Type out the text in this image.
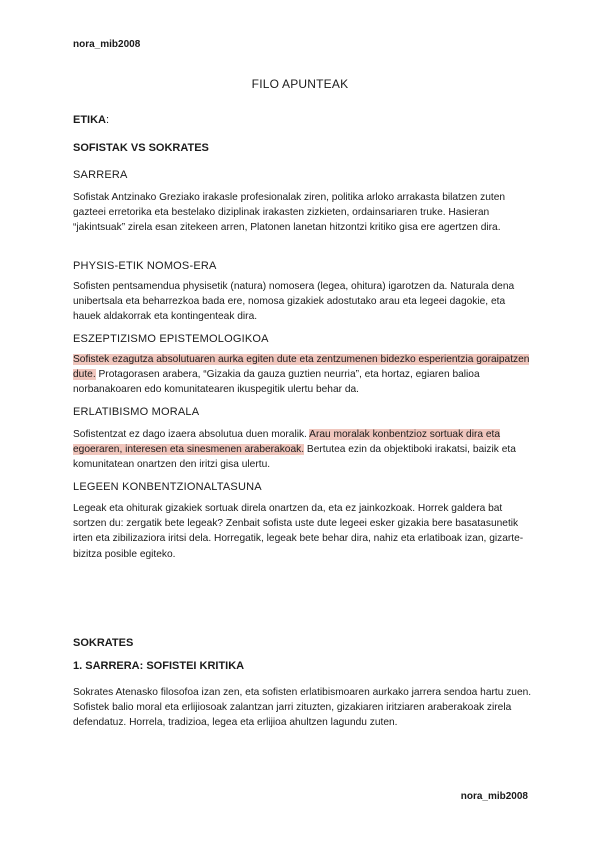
nora_mib2008
FILO APUNTEAK
ETIKA:
SOFISTAK VS SOKRATES
SARRERA
Sofistak Antzinako Greziako irakasle profesionalak ziren, politika arloko arrakasta bilatzen zuten gazteei erretorika eta bestelako diziplinak irakasten zizkieten, ordainsariaren truke. Hasieran “jakintsuak” zirela esan zitekeen arren, Platonen lanetan hitzontzi kritiko gisa ere agertzen dira.
PHYSIS-ETIK NOMOS-ERA
Sofisten pentsamendua physisetik (natura) nomosera (legea, ohitura) igarotzen da. Naturala dena unibertsala eta beharrezkoa bada ere, nomosa gizakiek adostutako arau eta legeei dagokie, eta hauek aldakorrak eta kontingenteak dira.
ESZEPTIZISMO EPISTEMOLOGIKOA
Sofistek ezagutza absolutuaren aurka egiten dute eta zentzumenen bidezko esperientzia goraipatzen dute. Protagorasen arabera, “Gizakia da gauza guztien neurria”, eta hortaz, egiaren balioa norbanakoaren edo komunitatearen ikuspegitik ulertu behar da.
ERLATIBISMO MORALA
Sofistentzat ez dago izaera absolutua duen moralik. Arau moralak konbentzioz sortuak dira eta egoeraren, interesen eta sinesmenen araberakoak. Bertutea ezin da objektiboki irakatsi, baizik eta komunitatean onartzen den iritzi gisa ulertu.
LEGEEN KONBENTZIONALTASUNA
Legeak eta ohiturak gizakiek sortuak direla onartzen da, eta ez jainkozkoak. Horrek galdera bat sortzen du: zergatik bete legeak? Zenbait sofista uste dute legeei esker gizakia bere basatasunetik irten eta zibilizaziora iritsi dela. Horregatik, legeak bete behar dira, nahiz eta erlatiboak izan, gizarte-bizitza posible egiteko.
SOKRATES
1. SARRERA: SOFISTEI KRITIKA
Sokrates Atenasko filosofoa izan zen, eta sofisten erlatibismoaren aurkako jarrera sendoa hartu zuen. Sofistek balio moral eta erlijiosoak zalantzan jarri zituzten, gizakiaren iritziaren araberakoak zirela defendatuz. Horrela, tradizioa, legea eta erlijioa ahultzen lagundu zuten.
nora_mib2008
